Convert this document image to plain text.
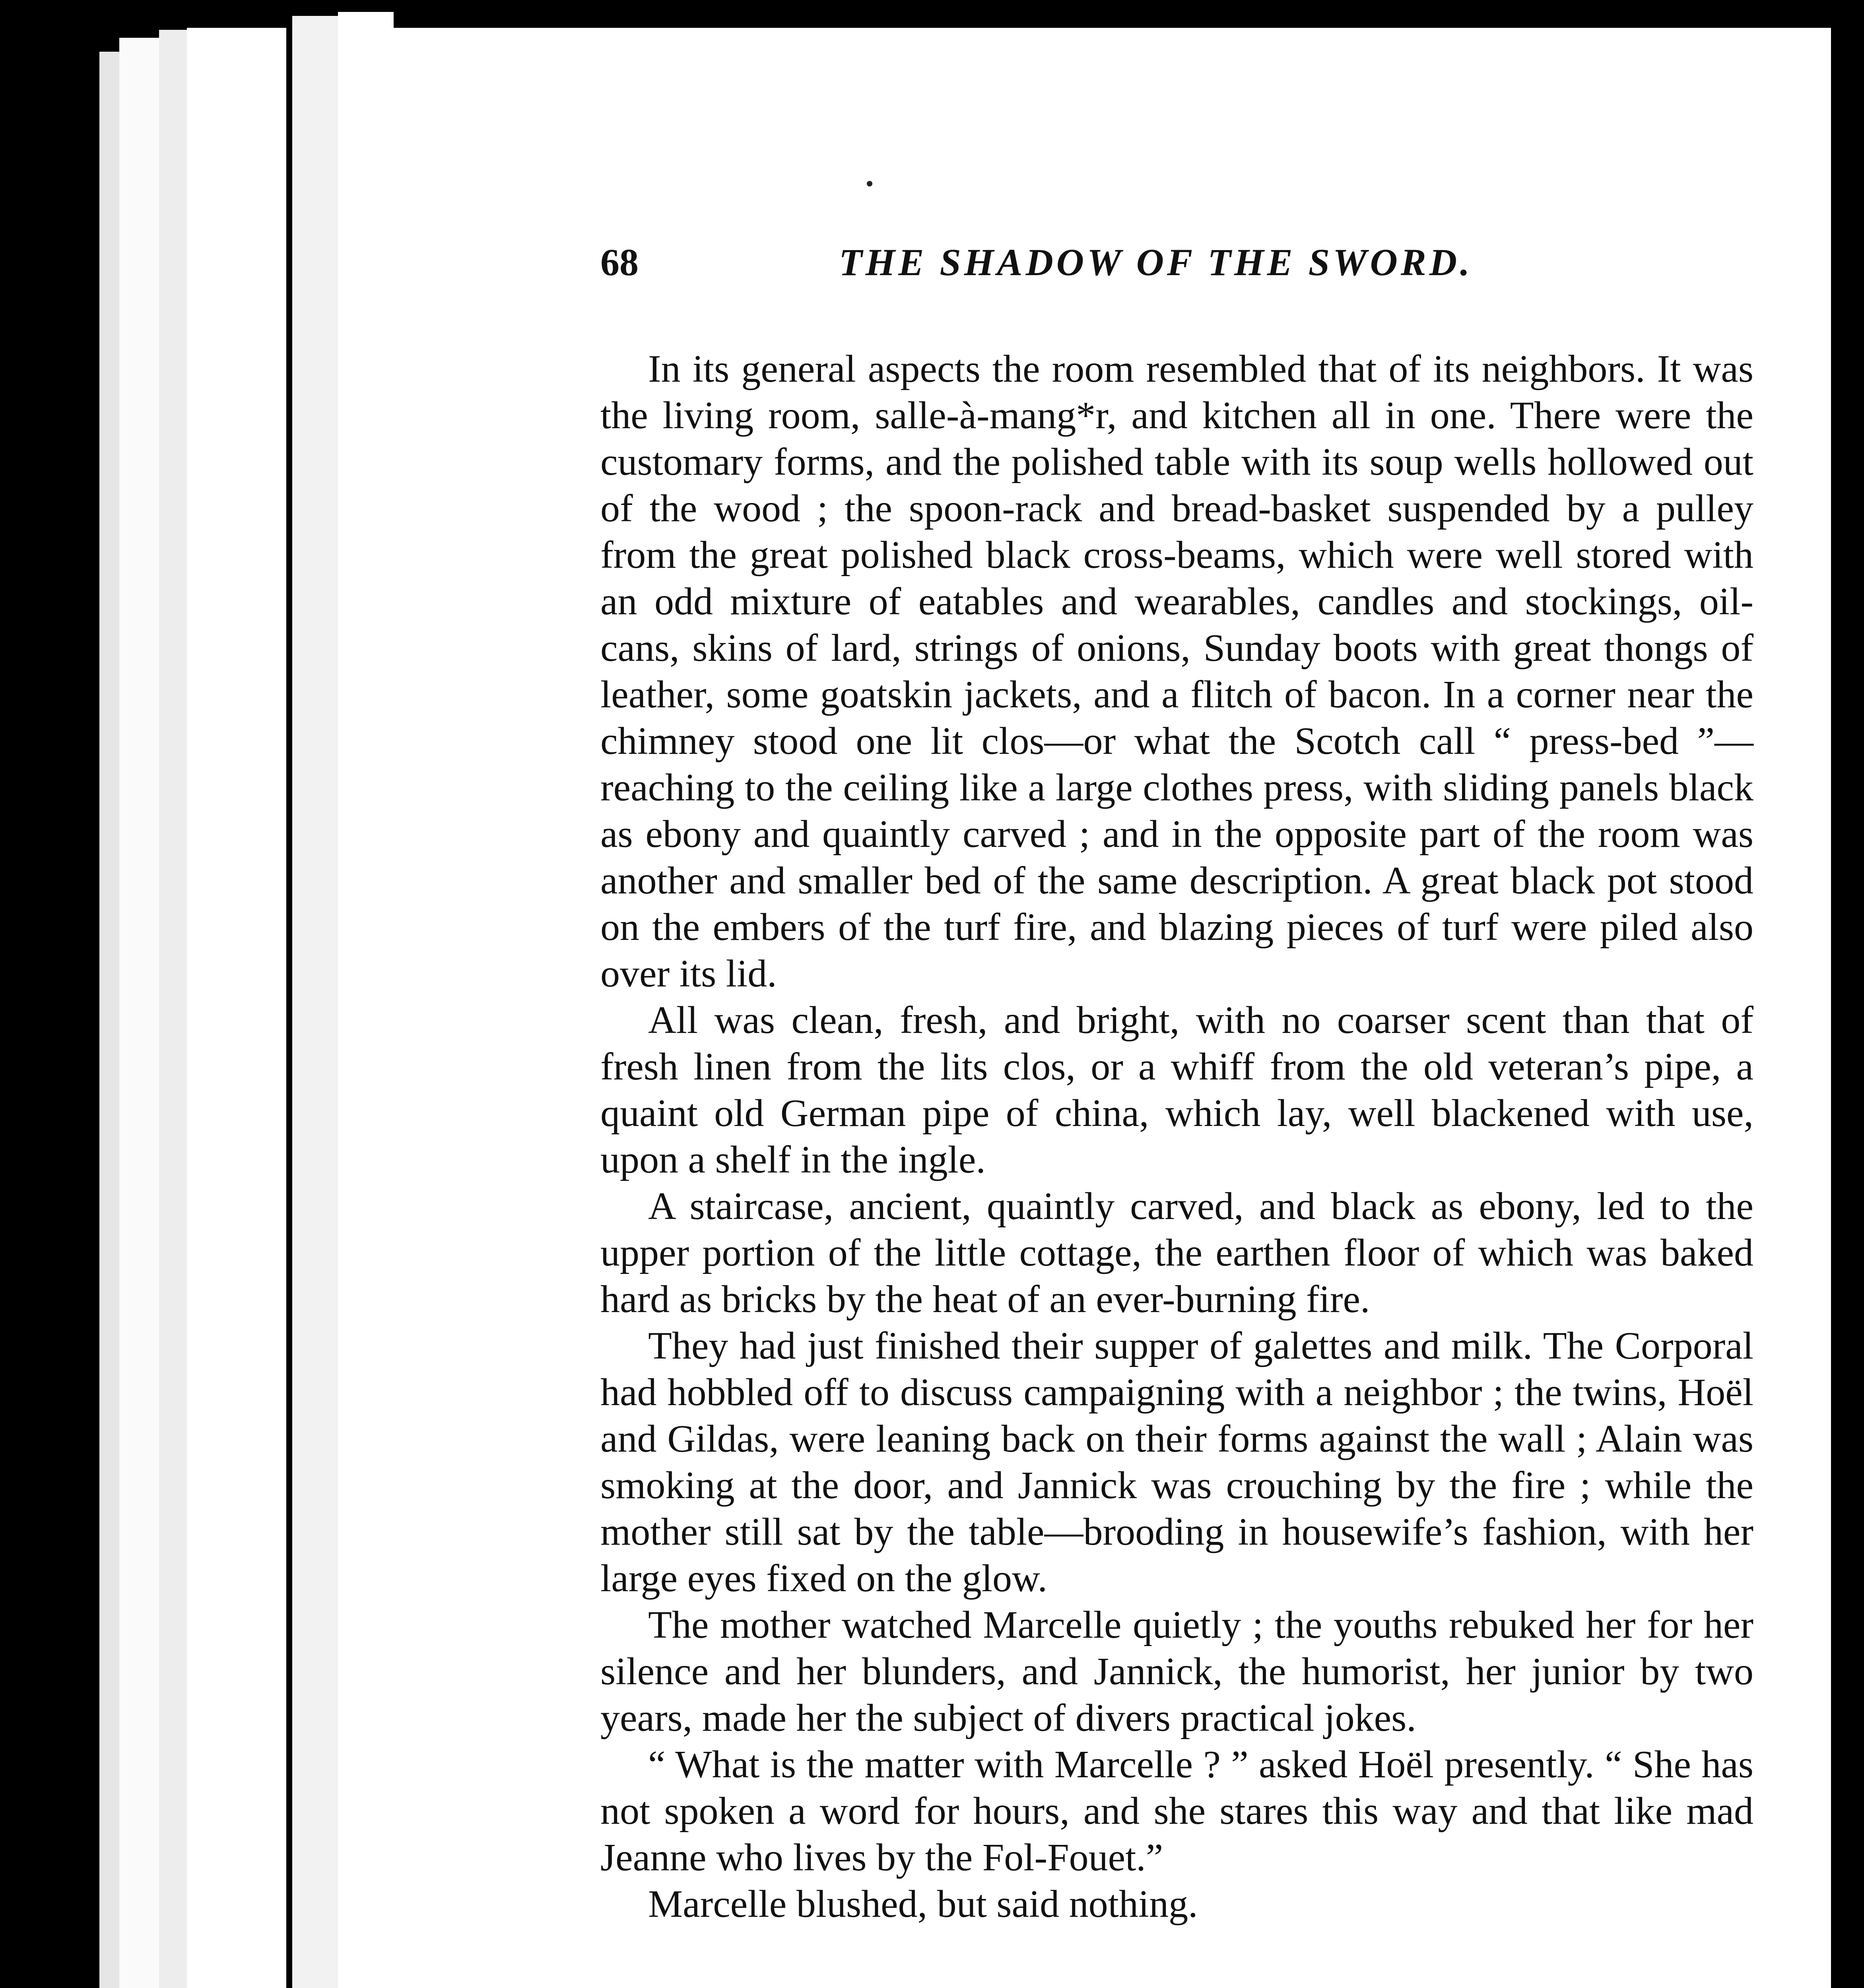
68	THE SHADOW OF THE SWORD.

In its general aspects the room resembled that of its neighbors. It was the living room, salle-à-mang*r, and kitchen all in one. There were the customary forms, and the polished table with its soup wells hollowed out of the wood ; the spoon-rack and bread-basket suspended by a pulley from the great polished black cross-beams, which were well stored with an odd mixture of eatables and wearables, candles and stockings, oil-cans, skins of lard, strings of onions, Sunday boots with great thongs of leather, some goatskin jackets, and a flitch of bacon. In a corner near the chimney stood one lit clos—or what the Scotch call “ press-bed ”—reaching to the ceiling like a large clothes press, with sliding panels black as ebony and quaintly carved ; and in the opposite part of the room was another and smaller bed of the same description. A great black pot stood on the embers of the turf fire, and blazing pieces of turf were piled also over its lid.

All was clean, fresh, and bright, with no coarser scent than that of fresh linen from the lits clos, or a whiff from the old veteran’s pipe, a quaint old German pipe of china, which lay, well blackened with use, upon a shelf in the ingle.

A staircase, ancient, quaintly carved, and black as ebony, led to the upper portion of the little cottage, the earthen floor of which was baked hard as bricks by the heat of an ever-burning fire.

They had just finished their supper of galettes and milk. The Corporal had hobbled off to discuss campaigning with a neighbor ; the twins, Hoël and Gildas, were leaning back on their forms against the wall ; Alain was smoking at the door, and Jannick was crouching by the fire ; while the mother still sat by the table—brooding in housewife’s fashion, with her large eyes fixed on the glow.

The mother watched Marcelle quietly ; the youths rebuked her for her silence and her blunders, and Jannick, the humorist, her junior by two years, made her the subject of divers practical jokes.

“ What is the matter with Marcelle ? ” asked Hoël presently. “ She has not spoken a word for hours, and she stares this way and that like mad Jeanne who lives by the Fol-Fouet.”

Marcelle blushed, but said nothing.
